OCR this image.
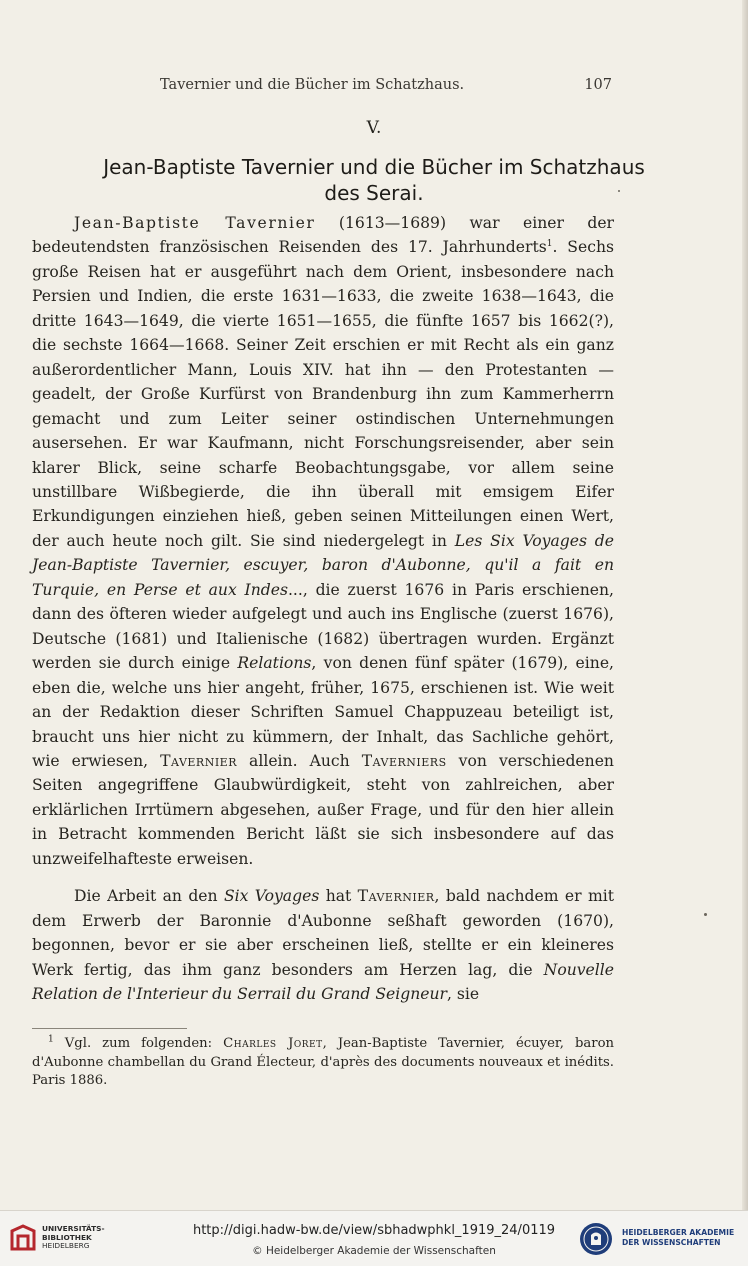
Tavernier und die Bücher im Schatzhaus.	107
V.
Jean-Baptiste Tavernier und die Bücher im Schatzhaus
des Serai.

Jean-Baptiste Tavernier (1613—1689) war einer der bedeutendsten französischen Reisenden des 17. Jahrhunderts$^1$. Sechs große Reisen hat er ausgeführt nach dem Orient, insbesondere nach Persien und Indien, die erste 1631—1633, die zweite 1638—1643, die dritte 1643—1649, die vierte 1651—1655, die fünfte 1657 bis 1662(?), die sechste 1664—1668. Seiner Zeit erschien er mit Recht als ein ganz außerordentlicher Mann, Louis XIV. hat ihn — den Protestanten — geadelt, der Große Kurfürst von Brandenburg ihn zum Kammerherrn gemacht und zum Leiter seiner ostindischen Unternehmungen ausersehen. Er war Kaufmann, nicht Forschungsreisender, aber sein klarer Blick, seine scharfe Beobachtungsgabe, vor allem seine unstillbare Wißbegierde, die ihn überall mit emsigem Eifer Erkundigungen einziehen hieß, geben seinen Mitteilungen einen Wert, der auch heute noch gilt. Sie sind niedergelegt in Les Six Voyages de Jean-Baptiste Tavernier, escuyer, baron d'Aubonne, qu'il a fait en Turquie, en Perse et aux Indes..., die zuerst 1676 in Paris erschienen, dann des öfteren wieder aufgelegt und auch ins Englische (zuerst 1676), Deutsche (1681) und Italienische (1682) übertragen wurden. Ergänzt werden sie durch einige Relations, von denen fünf später (1679), eine, eben die, welche uns hier angeht, früher, 1675, erschienen ist. Wie weit an der Redaktion dieser Schriften Samuel Chappuzeau beteiligt ist, braucht uns hier nicht zu kümmern, der Inhalt, das Sachliche gehört, wie erwiesen, Tavernier allein. Auch Taverniers von verschiedenen Seiten angegriffene Glaubwürdigkeit, steht von zahlreichen, aber erklärlichen Irrtümern abgesehen, außer Frage, und für den hier allein in Betracht kommenden Bericht läßt sie sich insbesondere auf das unzweifelhafteste erweisen.

Die Arbeit an den Six Voyages hat Tavernier, bald nachdem er mit dem Erwerb der Baronnie d'Aubonne seßhaft geworden (1670), begonnen, bevor er sie aber erscheinen ließ, stellte er ein kleineres Werk fertig, das ihm ganz besonders am Herzen lag, die Nouvelle Relation de l'Interieur du Serrail du Grand Seigneur, sie

$^1$ Vgl. zum folgenden: Charles Joret, Jean-Baptiste Tavernier, écuyer, baron d'Aubonne chambellan du Grand Électeur, d'après des documents nouveaux et inédits. Paris 1886.

UNIVERSITÄTS-
BIBLIOTHEK
HEIDELBERG
http://digi.hadw-bw.de/view/sbhadwphkl_1919_24/0119
© Heidelberger Akademie der Wissenschaften
HEIDELBERGER AKADEMIE
DER WISSENSCHAFTEN
